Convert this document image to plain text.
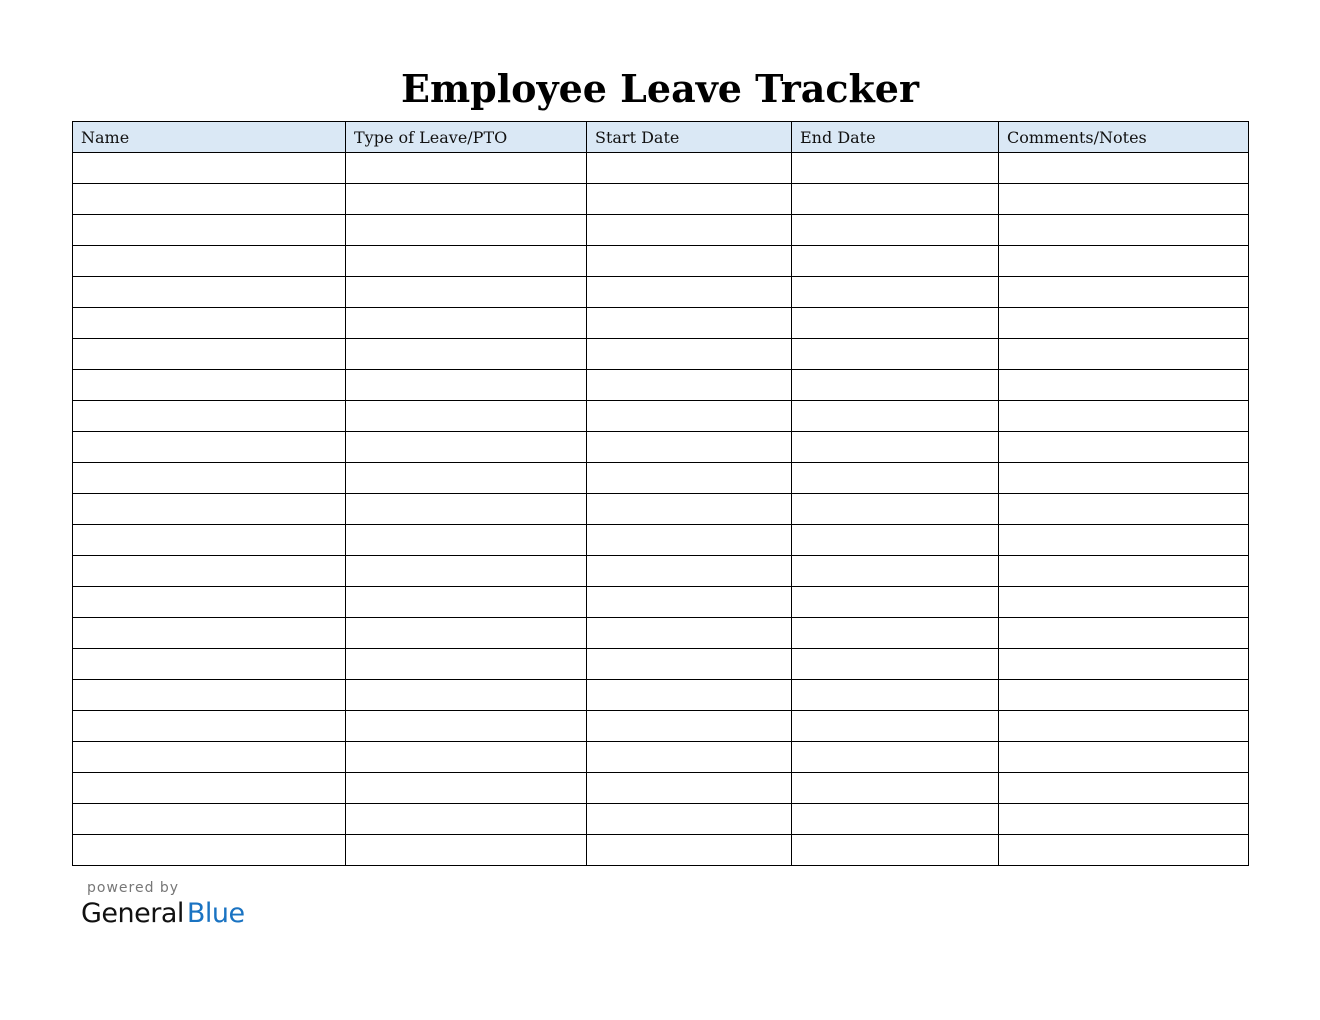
Employee Leave Tracker
Name	Type of Leave/PTO	Start Date	End Date	Comments/Notes

powered by
General Blue
